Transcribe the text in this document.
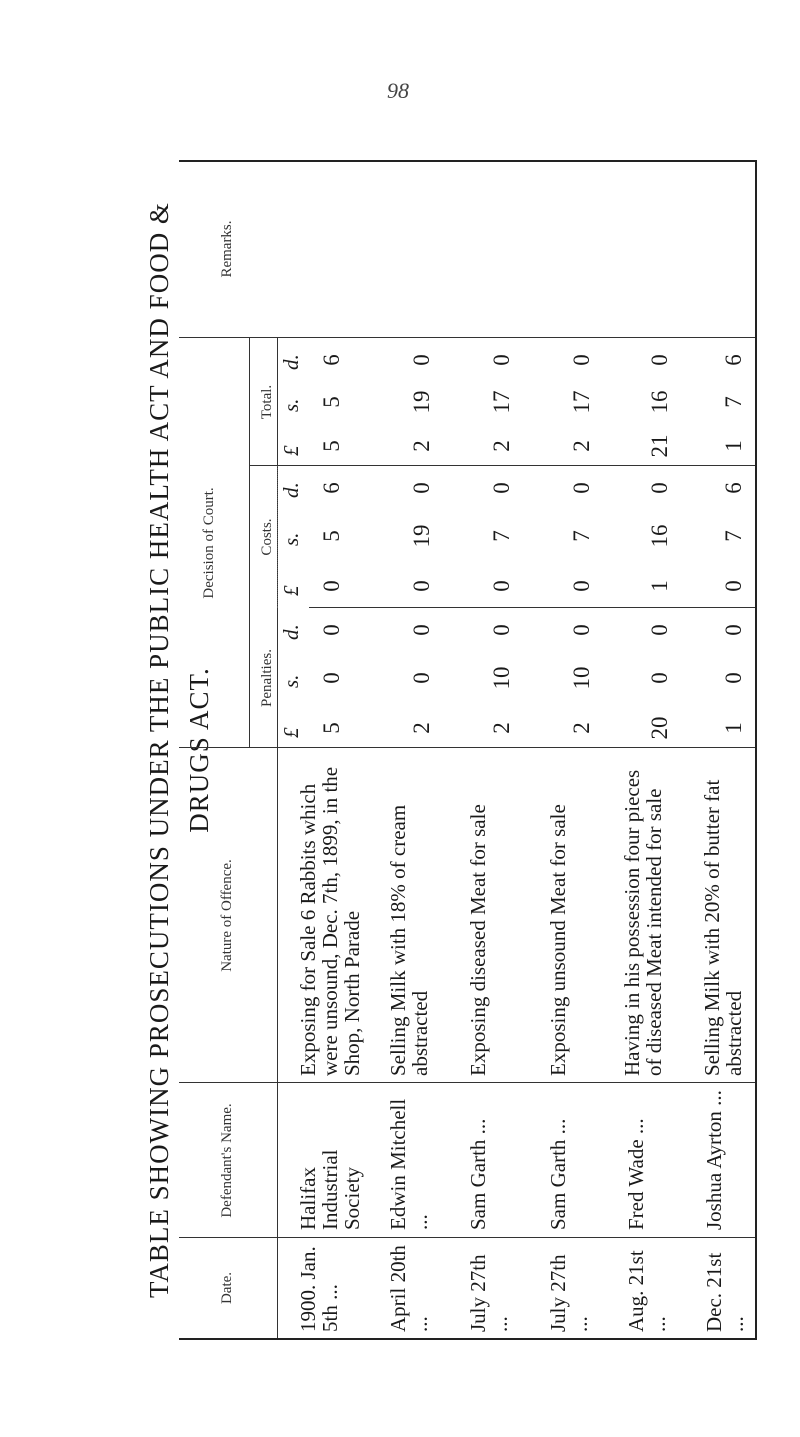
98
TABLE SHOWING PROSECUTIONS UNDER THE PUBLIC HEALTH ACT AND FOOD & DRUGS ACT.
Date.
Defendant's Name.
Nature of Offence.
Decision of Court.
Penalties.
Costs.
Total.
Remarks.
£
s.
d.
£
s.
d.
£
s.
d.
1900. Jan. 5th ...
Halifax Industrial Society
Exposing for Sale 6 Rabbits which were unsound, Dec. 7th, 1899, in the Shop, North Parade
5
0
0
0
5
6
5
5
6
April 20th ...
Edwin Mitchell ...
Selling Milk with 18% of cream abstracted
2
0
0
0
19
0
2
19
0
July 27th ...
Sam Garth ...
Exposing diseased Meat for sale
2
10
0
0
7
0
2
17
0
July 27th ...
Sam Garth ...
Exposing unsound Meat for sale
2
10
0
0
7
0
2
17
0
Aug. 21st ...
Fred Wade ...
Having in his possession four pieces of diseased Meat intended for sale
20
0
0
1
16
0
21
16
0
Dec. 21st ...
Joshua Ayrton ...
Selling Milk with 20% of butter fat abstracted
1
0
0
0
7
6
1
7
6
